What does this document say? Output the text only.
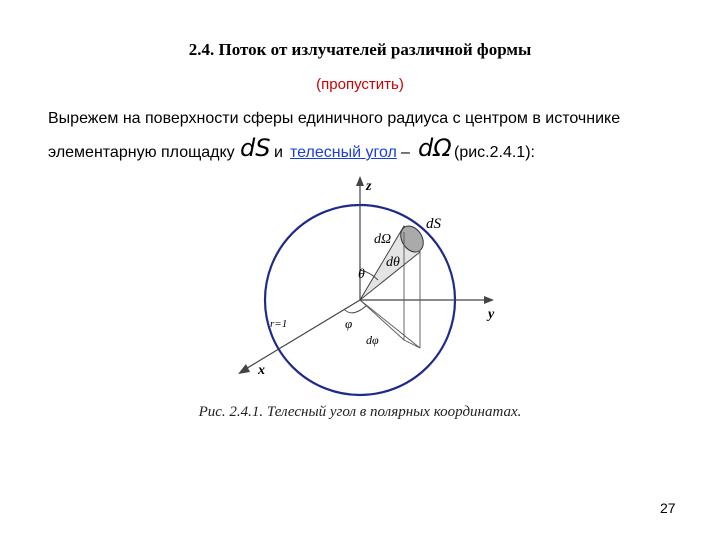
2.4. Поток от излучателей различной формы
(пропустить)
Вырежем на поверхности сферы единичного радиуса с центром в источнике
элементарную площадку dS и телесный угол – dΩ (рис.2.4.1):
z
y
x
dS
dΩ
dθ
θ
r=1	φ
dφ
Рис. 2.4.1. Телесный угол в полярных координатах.
27
